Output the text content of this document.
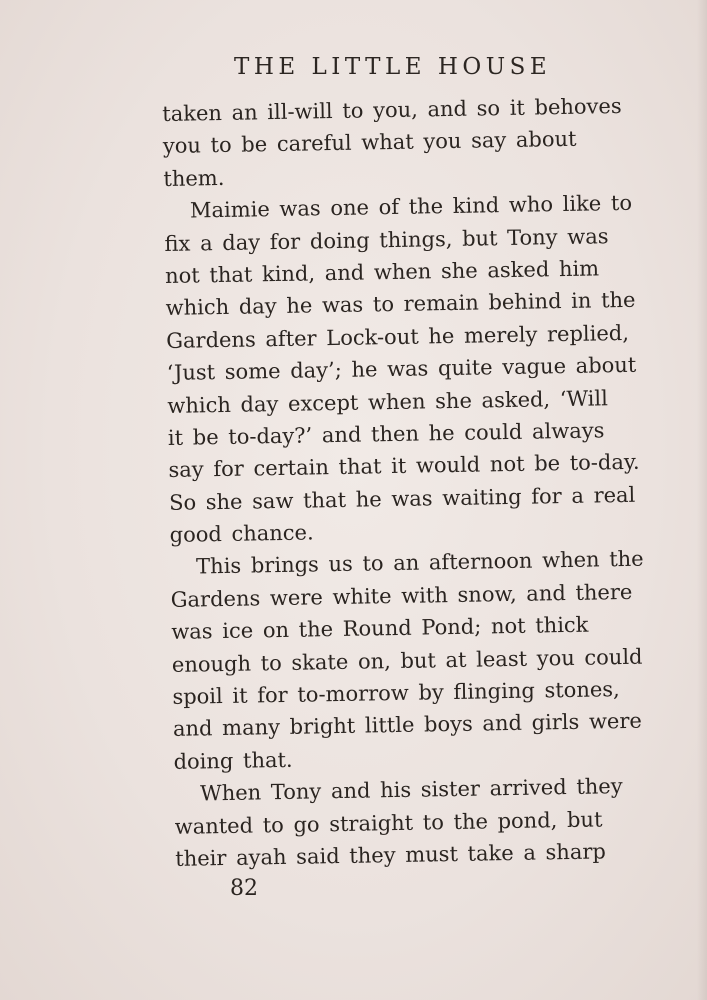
THE LITTLE HOUSE
taken an ill-will to you, and so it behoves
you to be careful what you say about
them.
Maimie was one of the kind who like to
fix a day for doing things, but Tony was
not that kind, and when she asked him
which day he was to remain behind in the
Gardens after Lock-out he merely replied,
‘Just some day’; he was quite vague about
which day except when she asked, ‘Will
it be to-day?’ and then he could always
say for certain that it would not be to-day.
So she saw that he was waiting for a real
good chance.
This brings us to an afternoon when the
Gardens were white with snow, and there
was ice on the Round Pond; not thick
enough to skate on, but at least you could
spoil it for to-morrow by flinging stones,
and many bright little boys and girls were
doing that.
When Tony and his sister arrived they
wanted to go straight to the pond, but
their ayah said they must take a sharp
82
